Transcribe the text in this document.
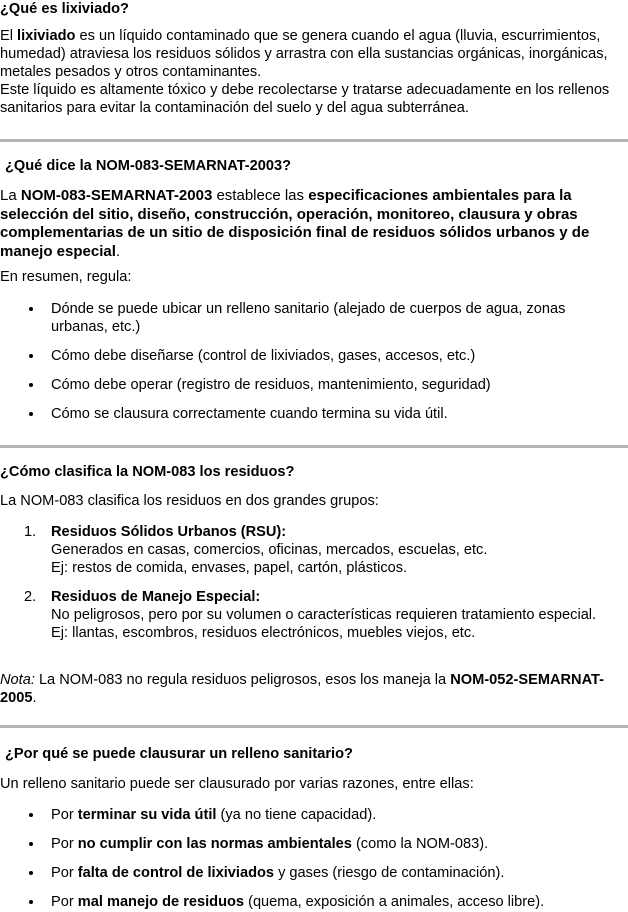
¿Qué es lixiviado?

El lixiviado es un líquido contaminado que se genera cuando el agua (lluvia, escurrimientos, humedad) atraviesa los residuos sólidos y arrastra con ella sustancias orgánicas, inorgánicas, metales pesados y otros contaminantes.

Este líquido es altamente tóxico y debe recolectarse y tratarse adecuadamente en los rellenos sanitarios para evitar la contaminación del suelo y del agua subterránea.

¿Qué dice la NOM-083-SEMARNAT-2003?

La NOM-083-SEMARNAT-2003 establece las especificaciones ambientales para la selección del sitio, diseño, construcción, operación, monitoreo, clausura y obras complementarias de un sitio de disposición final de residuos sólidos urbanos y de manejo especial.

En resumen, regula:

Dónde se puede ubicar un relleno sanitario (alejado de cuerpos de agua, zonas urbanas, etc.)
Cómo debe diseñarse (control de lixiviados, gases, accesos, etc.)
Cómo debe operar (registro de residuos, mantenimiento, seguridad)
Cómo se clausura correctamente cuando termina su vida útil.
¿Cómo clasifica la NOM-083 los residuos?

La NOM-083 clasifica los residuos en dos grandes grupos:

1. Residuos Sólidos Urbanos (RSU):
Generados en casas, comercios, oficinas, mercados, escuelas, etc.
Ej: restos de comida, envases, papel, cartón, plásticos.
2. Residuos de Manejo Especial:
No peligrosos, pero por su volumen o características requieren tratamiento especial.
Ej: llantas, escombros, residuos electrónicos, muebles viejos, etc.

Nota: La NOM-083 no regula residuos peligrosos, esos los maneja la NOM-052-SEMARNAT-2005.

¿Por qué se puede clausurar un relleno sanitario?

Un relleno sanitario puede ser clausurado por varias razones, entre ellas:

Por terminar su vida útil (ya no tiene capacidad).
Por no cumplir con las normas ambientales (como la NOM-083).
Por falta de control de lixiviados y gases (riesgo de contaminación).
Por mal manejo de residuos (quema, exposición a animales, acceso libre).
